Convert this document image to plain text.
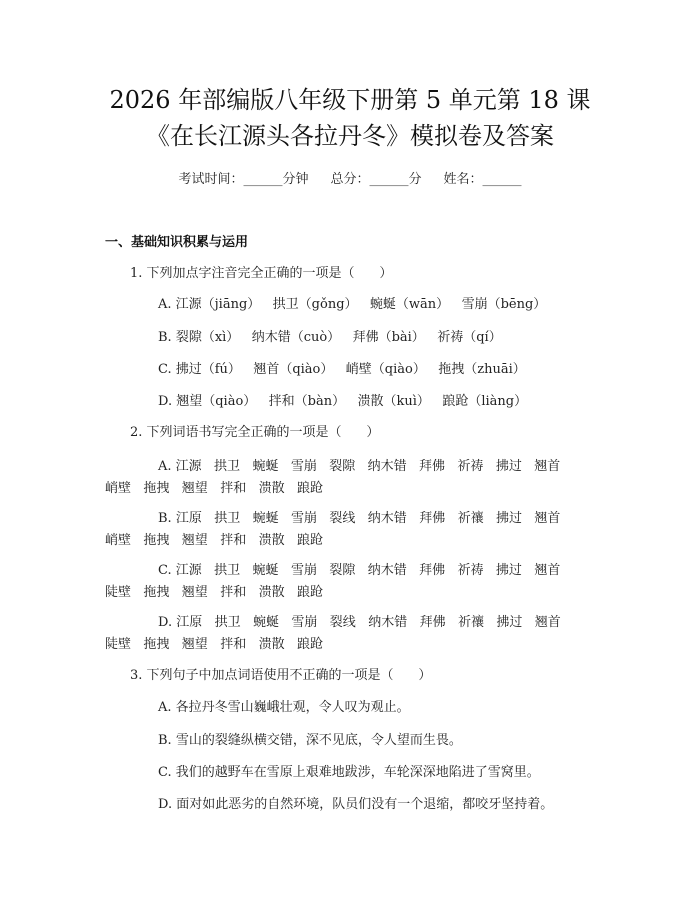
2026 年部编版八年级下册第 5 单元第 18 课
《在长江源头各拉丹冬》模拟卷及答案
考试时间：______分钟 总分：______分 姓名：______
一、基础知识积累与运用
1. 下列加点字注音完全正确的一项是（      ）
A. 江源（jiāng）   拱卫（gǒng）   蜿蜒（wān）   雪崩（bēng）
B. 裂隙（xì）   纳木错（cuò）   拜佛（bài）   祈祷（qí）
C. 拂过（fú）   翘首（qiào）   峭壁（qiào）   拖拽（zhuāi）
D. 翘望（qiào）   拌和（bàn）   溃散（kuì）   踉跄（liàng）
2. 下列词语书写完全正确的一项是（      ）
A. 江源   拱卫   蜿蜒   雪崩   裂隙   纳木错   拜佛   祈祷   拂过   翘首
峭壁   拖拽   翘望   拌和   溃散   踉跄
B. 江原   拱卫   蜿蜒   雪崩   裂线   纳木错   拜佛   祈禳   拂过   翘首
峭壁   拖拽   翘望   拌和   溃散   踉跄
C. 江源   拱卫   蜿蜒   雪崩   裂隙   纳木错   拜佛   祈祷   拂过   翘首
陡壁   拖拽   翘望   拌和   溃散   踉跄
D. 江原   拱卫   蜿蜒   雪崩   裂线   纳木错   拜佛   祈禳   拂过   翘首
陡壁   拖拽   翘望   拌和   溃散   踉跄
3. 下列句子中加点词语使用不正确的一项是（      ）
A. 各拉丹冬雪山巍峨壮观，令人叹为观止。
B. 雪山的裂缝纵横交错，深不见底，令人望而生畏。
C. 我们的越野车在雪原上艰难地跋涉，车轮深深地陷进了雪窝里。
D. 面对如此恶劣的自然环境，队员们没有一个退缩，都咬牙坚持着。
